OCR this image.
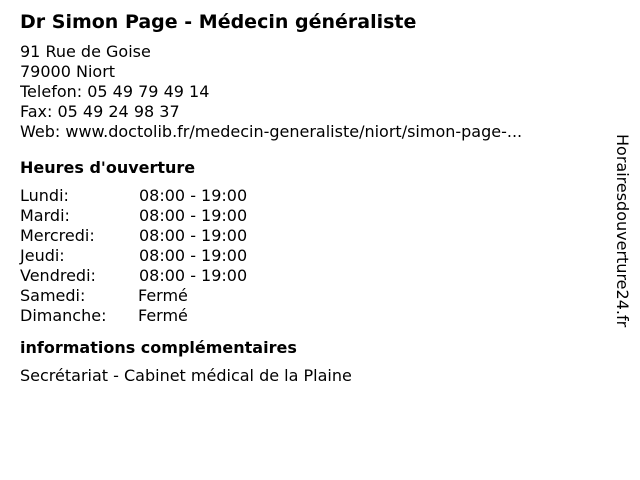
Dr Simon Page - Médecin généraliste
91 Rue de Goise
79000 Niort
Telefon: 05 49 79 49 14
Fax: 05 49 24 98 37
Web: www.doctolib.fr/medecin-generaliste/niort/simon-page-...
Heures d'ouverture
Lundi:	08:00 - 19:00
Mardi:	08:00 - 19:00
Mercredi:	08:00 - 19:00
Jeudi:	08:00 - 19:00
Vendredi:	08:00 - 19:00
Samedi:	Fermé
Dimanche:	Fermé
informations complémentaires
Secrétariat - Cabinet médical de la Plaine
Horairesdouverture24.fr
